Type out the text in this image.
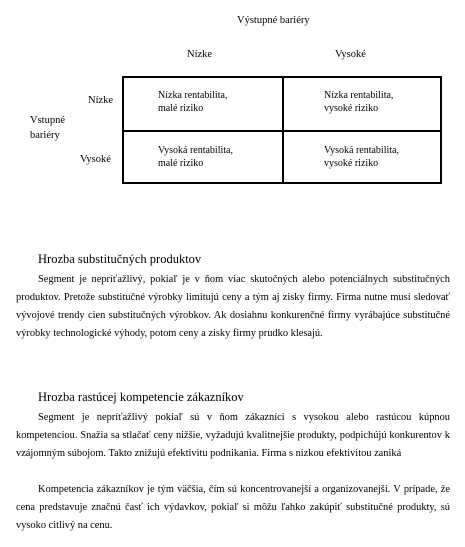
Výstupné bariéry
Nízke	Vysoké
Vstupné
bariéry
Nízke
Vysoké
Nízka rentabilita,
malé riziko
Nízka rentabilita,
vysoké riziko
Vysoká rentabilita,
malé riziko
Vysoká rentabilita,
vysoké riziko
Hrozba substitučných produktov

Segment je nepríťažlivý, pokiaľ je v ňom viac skutočných alebo potenciálnych substitučných produktov. Pretože substitučné výrobky limitujú ceny a tým aj zisky firmy. Firma nutne musí sledovať vývojové trendy cien substitučných výrobkov. Ak dosiahnu konkurenčné firmy vyrábajúce substitučné výrobky technologické výhody, potom ceny a zisky firmy prudko klesajú.

Hrozba rastúcej kompetencie zákazníkov

Segment je nepríťažlivý pokiaľ sú v ňom zákazníci s vysokou alebo rastúcou kúpnou kompetenciou. Snažia sa stlačať ceny nižšie, vyžadujú kvalitnejšie produkty, podpichújú konkurentov k vzájomným súbojom. Takto znižujú efektivitu podnikania. Firma s nízkou efektivitou zaniká

Kompetencia zákazníkov je tým väčšia, čím sú koncentrovanejší a organizovanejší. V prípade, že cena predstavuje značnú časť ich výdavkov, pokiaľ si môžu ľahko zakúpiť substitučné produkty, sú vysoko citlivý na cenu.
